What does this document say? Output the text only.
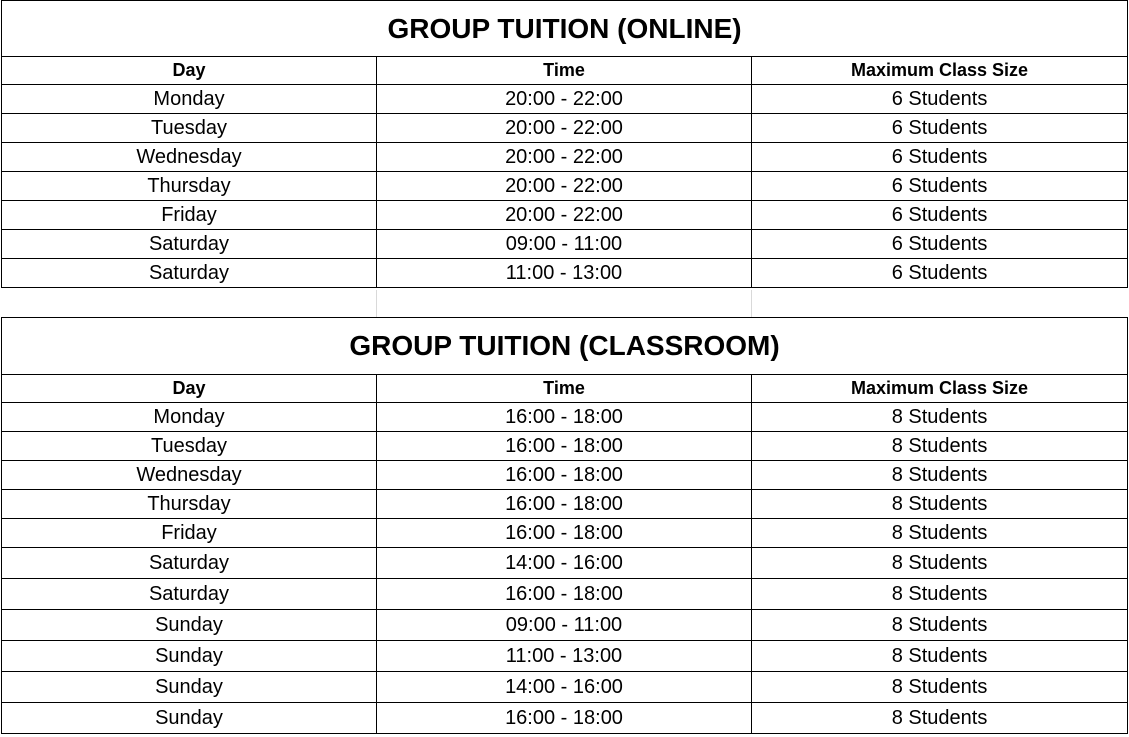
GROUP TUITION (ONLINE)		
Day	Time	Maximum Class Size
Monday	20:00 - 22:00	6 Students
Tuesday	20:00 - 22:00	6 Students
Wednesday	20:00 - 22:00	6 Students
Thursday	20:00 - 22:00	6 Students
Friday	20:00 - 22:00	6 Students
Saturday	09:00 - 11:00	6 Students
Saturday	11:00 - 13:00	6 Students
GROUP TUITION (CLASSROOM)		
Day	Time	Maximum Class Size
Monday	16:00 - 18:00	8 Students
Tuesday	16:00 - 18:00	8 Students
Wednesday	16:00 - 18:00	8 Students
Thursday	16:00 - 18:00	8 Students
Friday	16:00 - 18:00	8 Students
Saturday	14:00 - 16:00	8 Students
Saturday	16:00 - 18:00	8 Students
Sunday	09:00 - 11:00	8 Students
Sunday	11:00 - 13:00	8 Students
Sunday	14:00 - 16:00	8 Students
Sunday	16:00 - 18:00	8 Students
